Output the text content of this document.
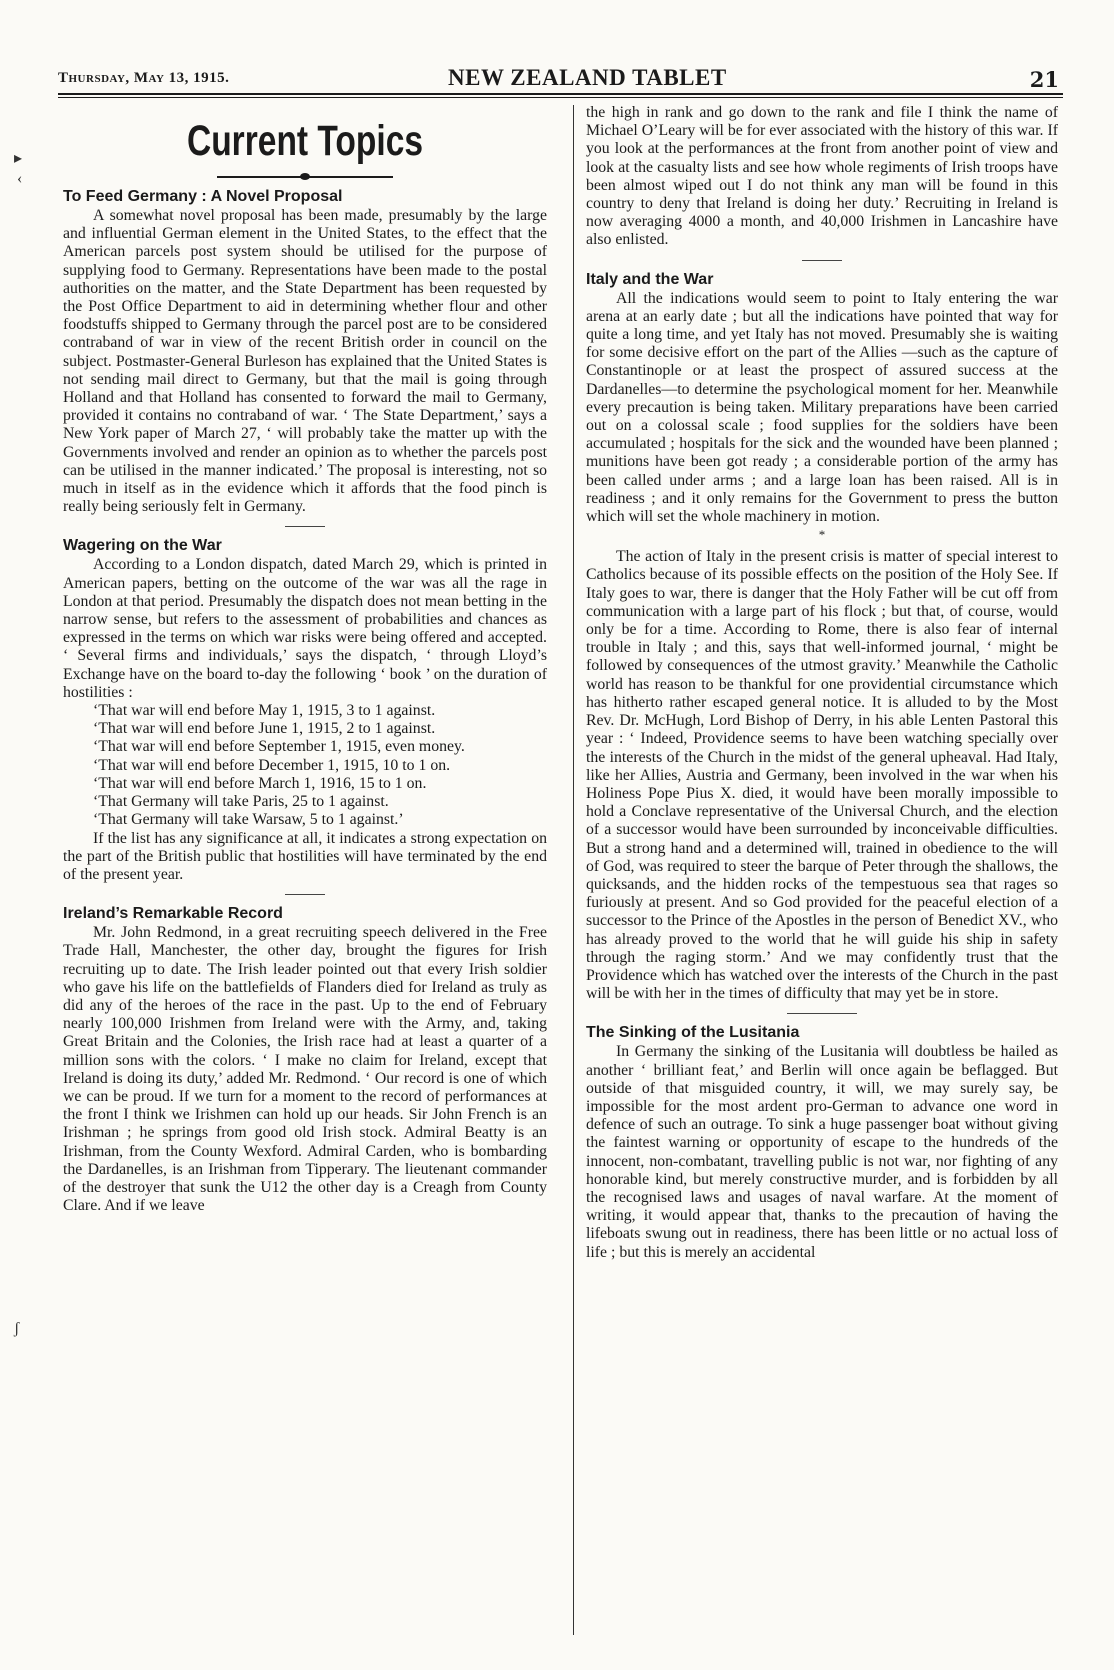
Thursday, May 13, 1915.	NEW ZEALAND TABLET	21
▸
‹
ʃ
Current Topics
To Feed Germany : A Novel Proposal

A somewhat novel proposal has been made, presumably by the large and influential German element in the United States, to the effect that the American parcels post system should be utilised for the purpose of supplying food to Germany. Representations have been made to the postal authorities on the matter, and the State Department has been requested by the Post Office Department to aid in determining whether flour and other foodstuffs shipped to Germany through the parcel post are to be considered contraband of war in view of the recent British order in council on the subject. Postmaster-General Burleson has explained that the United States is not sending mail direct to Germany, but that the mail is going through Holland and that Holland has consented to forward the mail to Germany, provided it contains no contraband of war. ‘ The State Department,’ says a New York paper of March 27, ‘ will probably take the matter up with the Governments involved and render an opinion as to whether the parcels post can be utilised in the manner indicated.’ The proposal is interesting, not so much in itself as in the evidence which it affords that the food pinch is really being seriously felt in Germany.

Wagering on the War

According to a London dispatch, dated March 29, which is printed in American papers, betting on the outcome of the war was all the rage in London at that period. Presumably the dispatch does not mean betting in the narrow sense, but refers to the assessment of probabilities and chances as expressed in the terms on which war risks were being offered and accepted. ‘ Several firms and individuals,’ says the dispatch, ‘ through Lloyd’s Exchange have on the board to-day the following ‘ book ’ on the duration of hostilities :

‘That war will end before May 1, 1915, 3 to 1 against.

‘That war will end before June 1, 1915, 2 to 1 against.

‘That war will end before September 1, 1915, even money.

‘That war will end before December 1, 1915, 10 to 1 on.

‘That war will end before March 1, 1916, 15 to 1 on.

‘That Germany will take Paris, 25 to 1 against.

‘That Germany will take Warsaw, 5 to 1 against.’

If the list has any significance at all, it indicates a strong expectation on the part of the British public that hostilities will have terminated by the end of the present year.

Ireland’s Remarkable Record

Mr. John Redmond, in a great recruiting speech delivered in the Free Trade Hall, Manchester, the other day, brought the figures for Irish recruiting up to date. The Irish leader pointed out that every Irish soldier who gave his life on the battlefields of Flanders died for Ireland as truly as did any of the heroes of the race in the past. Up to the end of February nearly 100,000 Irishmen from Ireland were with the Army, and, taking Great Britain and the Colonies, the Irish race had at least a quarter of a million sons with the colors. ‘ I make no claim for Ireland, except that Ireland is doing its duty,’ added Mr. Redmond. ‘ Our record is one of which we can be proud. If we turn for a moment to the record of performances at the front I think we Irishmen can hold up our heads. Sir John French is an Irishman ; he springs from good old Irish stock. Admiral Beatty is an Irishman, from the County Wexford. Admiral Carden, who is bombarding the Dardanelles, is an Irishman from Tipperary. The lieutenant commander of the destroyer that sunk the U12 the other day is a Creagh from County Clare. And if we leave

the high in rank and go down to the rank and file I think the name of Michael O’Leary will be for ever associated with the history of this war. If you look at the performances at the front from another point of view and look at the casualty lists and see how whole regiments of Irish troops have been almost wiped out I do not think any man will be found in this country to deny that Ireland is doing her duty.’ Recruiting in Ireland is now averaging 4000 a month, and 40,000 Irishmen in Lancashire have also enlisted.

Italy and the War

All the indications would seem to point to Italy entering the war arena at an early date ; but all the indications have pointed that way for quite a long time, and yet Italy has not moved. Presumably she is waiting for some decisive effort on the part of the Allies —such as the capture of Constantinople or at least the prospect of assured success at the Dardanelles—to determine the psychological moment for her. Meanwhile every precaution is being taken. Military preparations have been carried out on a colossal scale ; food supplies for the soldiers have been accumulated ; hospitals for the sick and the wounded have been planned ; munitions have been got ready ; a considerable portion of the army has been called under arms ; and a large loan has been raised. All is in readiness ; and it only remains for the Government to press the button which will set the whole machinery in motion.

*

The action of Italy in the present crisis is matter of special interest to Catholics because of its possible effects on the position of the Holy See. If Italy goes to war, there is danger that the Holy Father will be cut off from communication with a large part of his flock ; but that, of course, would only be for a time. According to Rome, there is also fear of internal trouble in Italy ; and this, says that well-informed journal, ‘ might be followed by consequences of the utmost gravity.’ Meanwhile the Catholic world has reason to be thankful for one providential circumstance which has hitherto rather escaped general notice. It is alluded to by the Most Rev. Dr. McHugh, Lord Bishop of Derry, in his able Lenten Pastoral this year : ‘ Indeed, Providence seems to have been watching specially over the interests of the Church in the midst of the general upheaval. Had Italy, like her Allies, Austria and Germany, been involved in the war when his Holiness Pope Pius X. died, it would have been morally impossible to hold a Conclave representative of the Universal Church, and the election of a successor would have been surrounded by inconceivable difficulties. But a strong hand and a determined will, trained in obedience to the will of God, was required to steer the barque of Peter through the shallows, the quicksands, and the hidden rocks of the tempestuous sea that rages so furiously at present. And so God provided for the peaceful election of a successor to the Prince of the Apostles in the person of Benedict XV., who has already proved to the world that he will guide his ship in safety through the raging storm.’ And we may confidently trust that the Providence which has watched over the interests of the Church in the past will be with her in the times of difficulty that may yet be in store.

The Sinking of the Lusitania

In Germany the sinking of the Lusitania will doubtless be hailed as another ‘ brilliant feat,’ and Berlin will once again be beflagged. But outside of that misguided country, it will, we may surely say, be impossible for the most ardent pro-German to advance one word in defence of such an outrage. To sink a huge passenger boat without giving the faintest warning or opportunity of escape to the hundreds of the innocent, non-combatant, travelling public is not war, nor fighting of any honorable kind, but merely constructive murder, and is forbidden by all the recognised laws and usages of naval warfare. At the moment of writing, it would appear that, thanks to the precaution of having the lifeboats swung out in readiness, there has been little or no actual loss of life ; but this is merely an accidental
